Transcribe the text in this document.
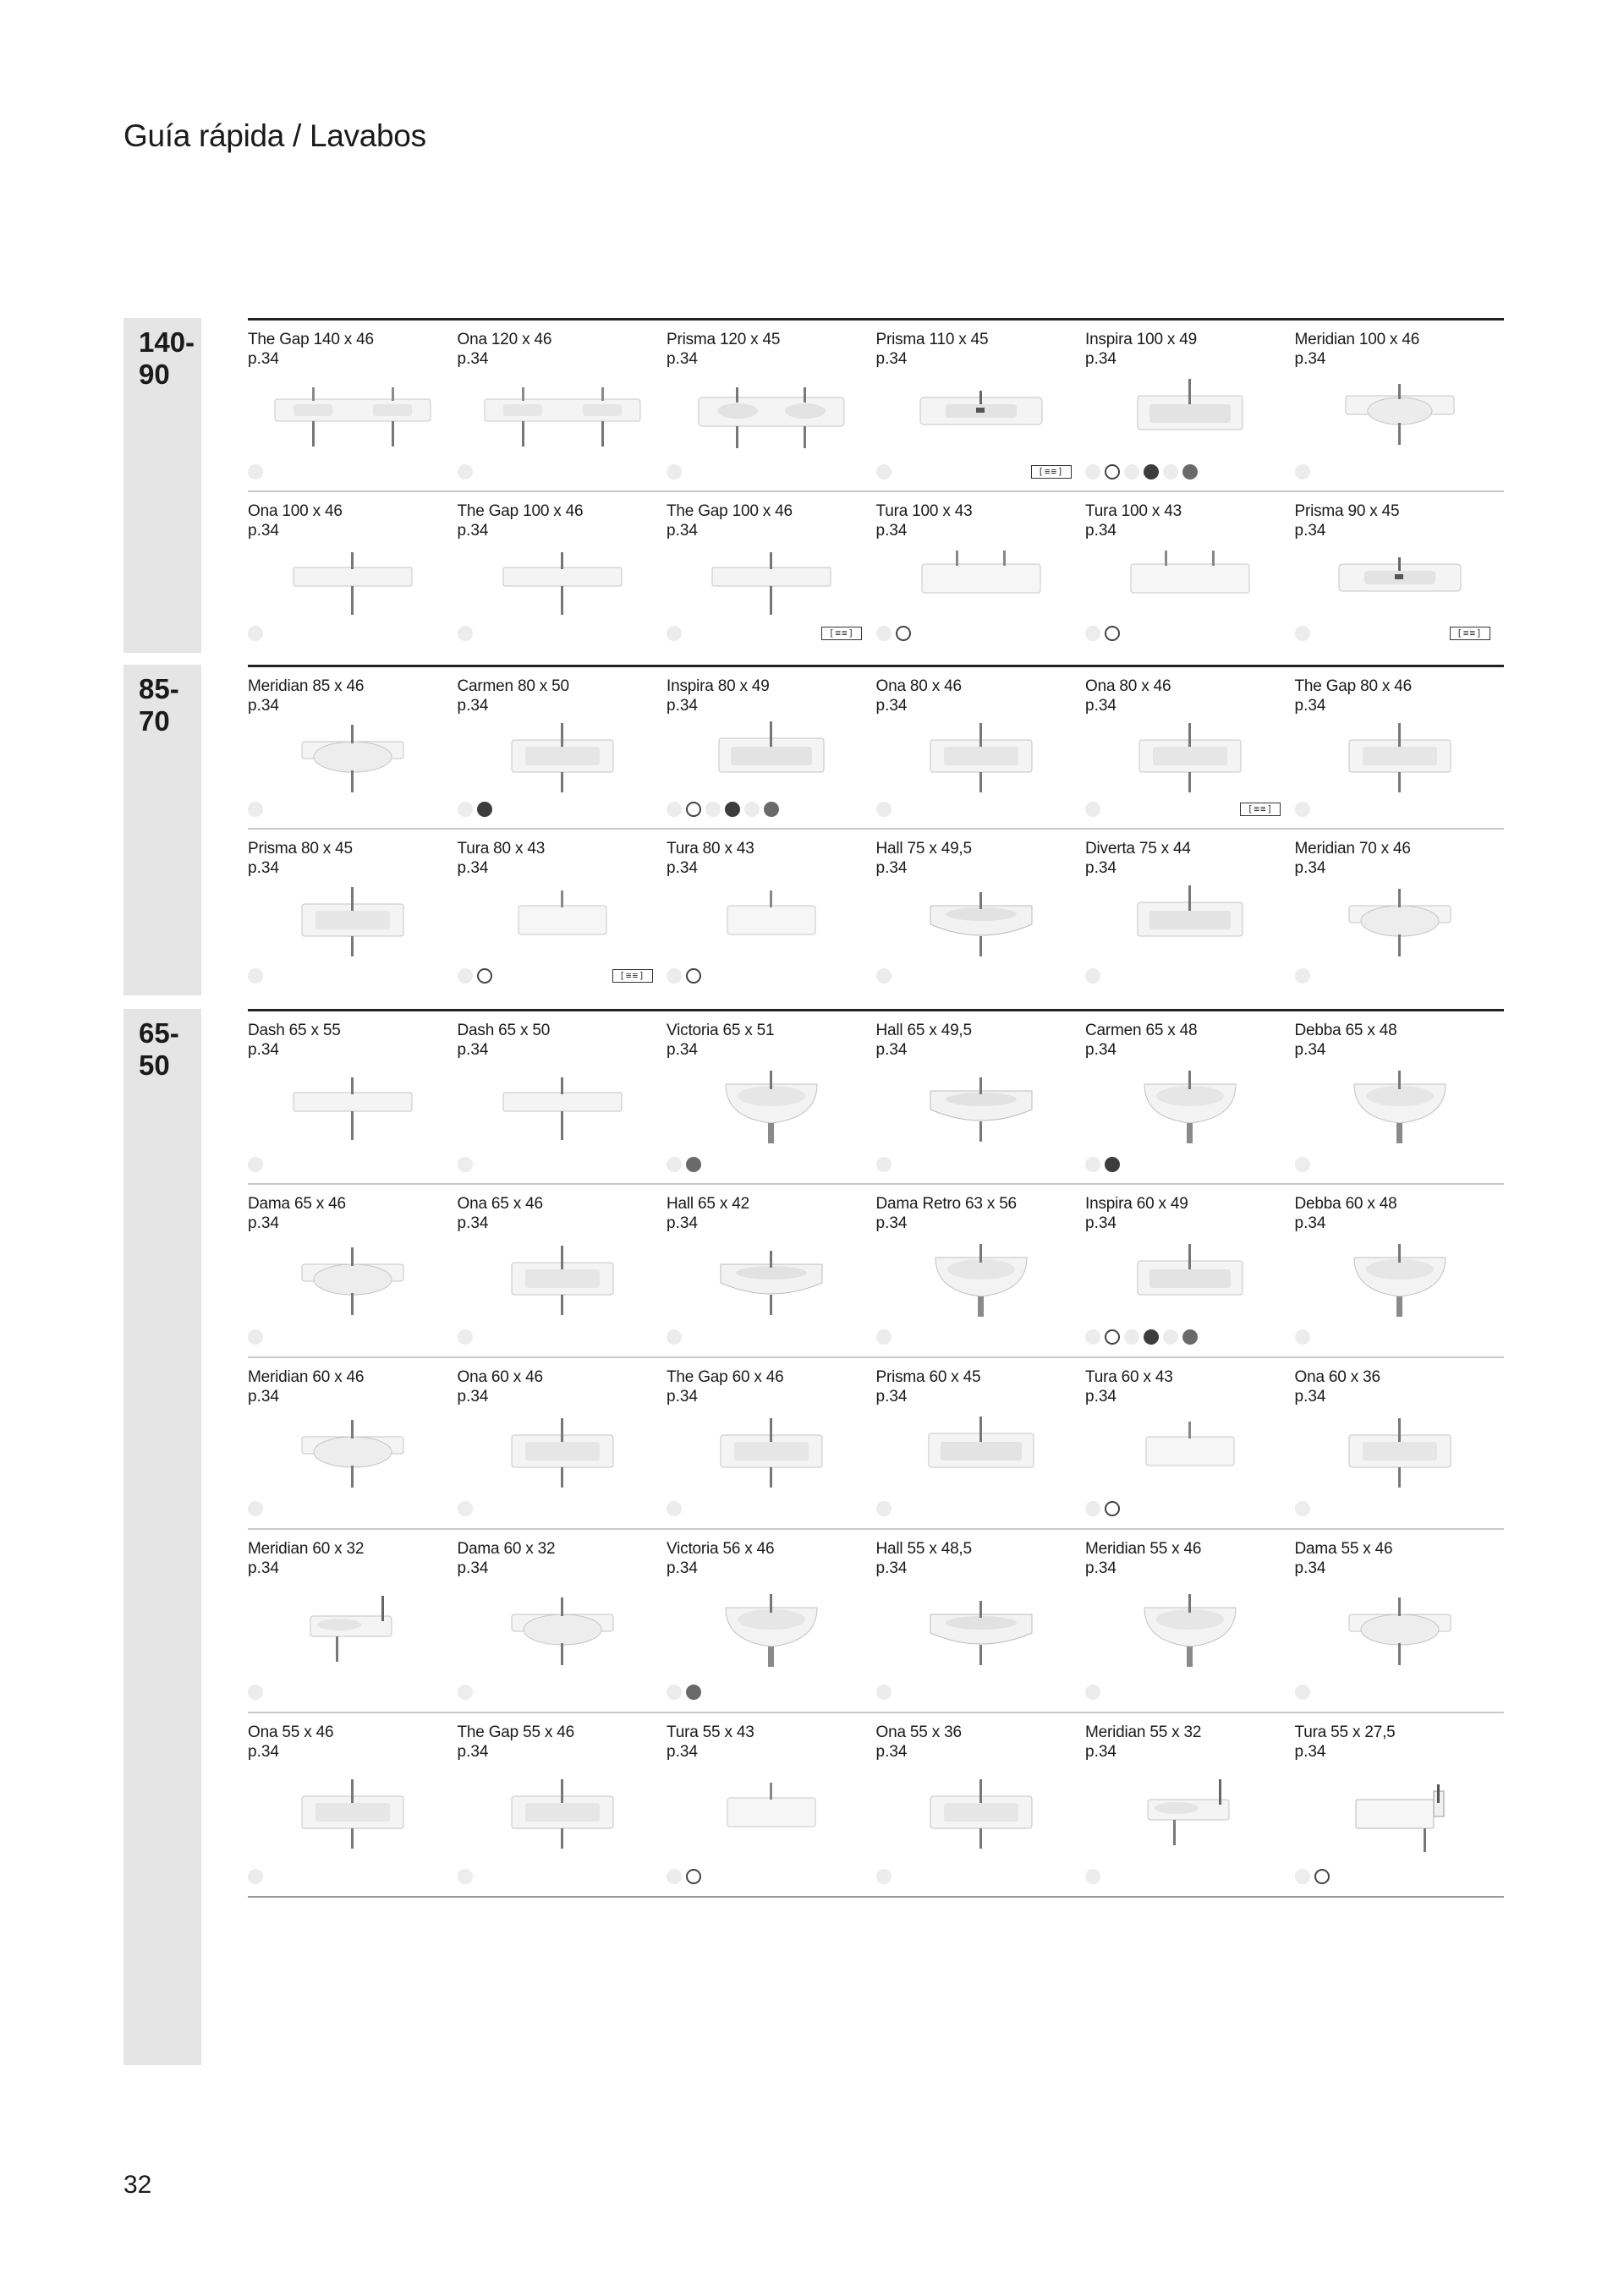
Guía rápida / Lavabos
140-
90
The Gap 140 x 46
p.34
Ona 120 x 46
p.34
Prisma 120 x 45
p.34
Prisma 110 x 45
p.34
[≡≡]
Inspira 100 x 49
p.34
Meridian 100 x 46
p.34
Ona 100 x 46
p.34
The Gap 100 x 46
p.34
The Gap 100 x 46
p.34
[≡≡]
Tura 100 x 43
p.34
Tura 100 x 43
p.34
Prisma 90 x 45
p.34
[≡≡]
85-
70
Meridian 85 x 46
p.34
Carmen 80 x 50
p.34
Inspira 80 x 49
p.34
Ona 80 x 46
p.34
Ona 80 x 46
p.34
[≡≡]
The Gap 80 x 46
p.34
Prisma 80 x 45
p.34
Tura 80 x 43
p.34
[≡≡]
Tura 80 x 43
p.34
Hall 75 x 49,5
p.34
Diverta 75 x 44
p.34
Meridian 70 x 46
p.34
65-
50
Dash 65 x 55
p.34
Dash 65 x 50
p.34
Victoria 65 x 51
p.34
Hall 65 x 49,5
p.34
Carmen 65 x 48
p.34
Debba 65 x 48
p.34
Dama 65 x 46
p.34
Ona 65 x 46
p.34
Hall 65 x 42
p.34
Dama Retro 63 x 56
p.34
Inspira 60 x 49
p.34
Debba 60 x 48
p.34
Meridian 60 x 46
p.34
Ona 60 x 46
p.34
The Gap 60 x 46
p.34
Prisma 60 x 45
p.34
Tura 60 x 43
p.34
Ona 60 x 36
p.34
Meridian 60 x 32
p.34
Dama 60 x 32
p.34
Victoria 56 x 46
p.34
Hall 55 x 48,5
p.34
Meridian 55 x 46
p.34
Dama 55 x 46
p.34
Ona 55 x 46
p.34
The Gap 55 x 46
p.34
Tura 55 x 43
p.34
Ona 55 x 36
p.34
Meridian 55 x 32
p.34
Tura 55 x 27,5
p.34

32
